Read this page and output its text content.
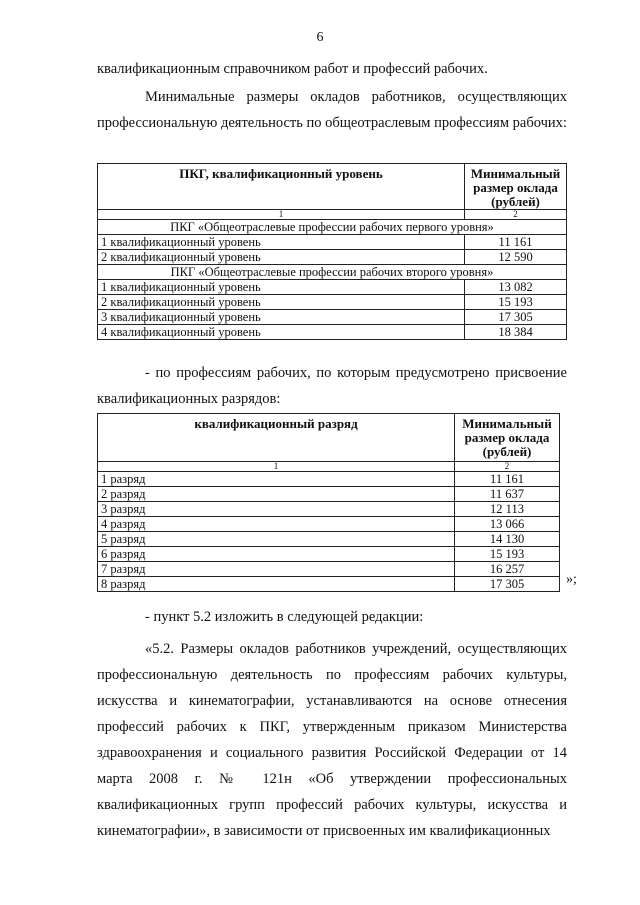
6
квалификационным справочником работ и профессий рабочих.
Минимальные размеры окладов работников, осуществляющих профессиональную деятельность по общеотраслевым профессиям рабочих:
ПКГ, квалификационный уровень	Минимальный размер оклада (рублей)
1	2
ПКГ «Общеотраслевые профессии рабочих первого уровня»	
1 квалификационный уровень	11 161
2 квалификационный уровень	12 590
ПКГ «Общеотраслевые профессии рабочих второго уровня»	
1 квалификационный уровень	13 082
2 квалификационный уровень	15 193
3 квалификационный уровень	17 305
4 квалификационный уровень	18 384
- по профессиям рабочих, по которым предусмотрено присвоение квалификационных разрядов:
квалификационный разряд	Минимальный размер оклада (рублей)
1	2
1 разряд	11 161
2 разряд	11 637
3 разряд	12 113
4 разряд	13 066
5 разряд	14 130
6 разряд	15 193
7 разряд	16 257
8 разряд	17 305	»;
- пункт 5.2 изложить в следующей редакции:
«5.2. Размеры окладов работников учреждений, осуществляющих профессиональную деятельность по профессиям рабочих культуры, искусства и кинематографии, устанавливаются на основе отнесения профессий рабочих к ПКГ, утвержденным приказом Министерства здравоохранения и социального развития Российской Федерации от 14 марта 2008 г. № 121н «Об утверждении профессиональных квалификационных групп профессий рабочих культуры, искусства и кинематографии», в зависимости от присвоенных им квалификационных
